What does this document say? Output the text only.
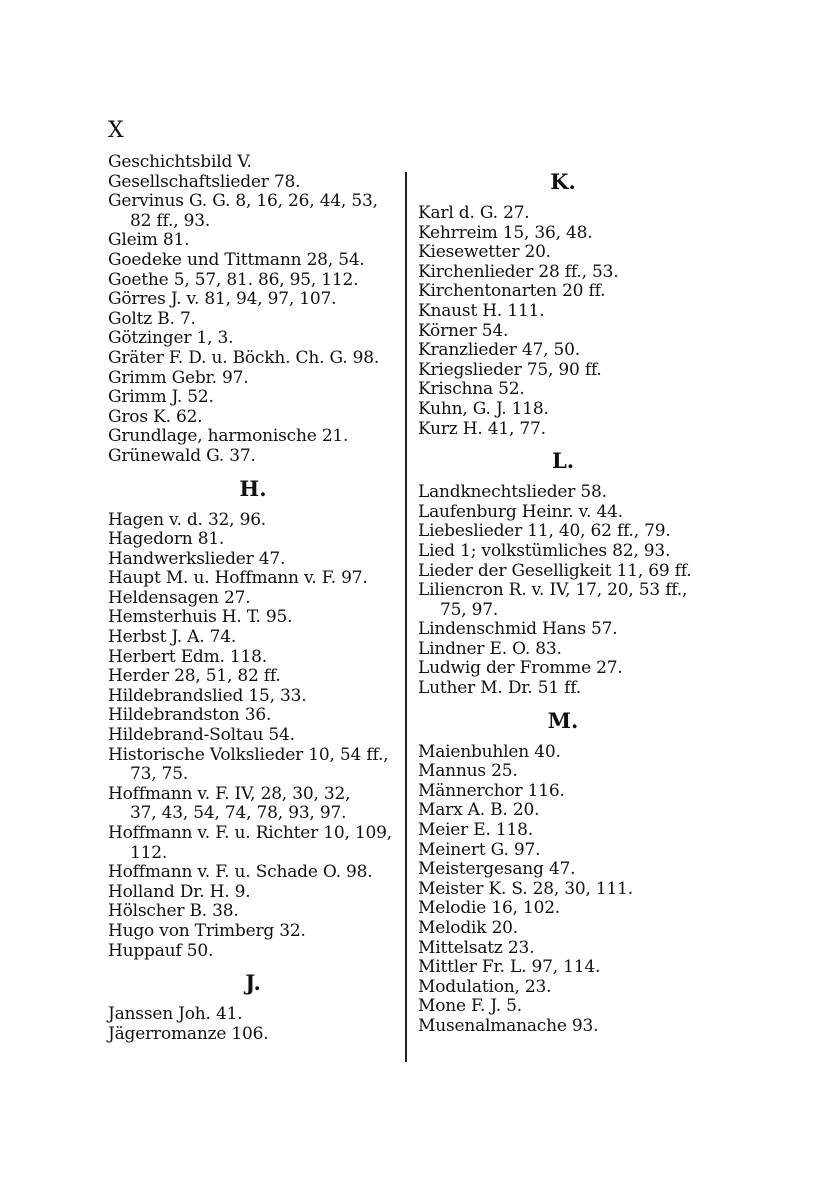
X
Geschichtsbild V.
Gesellschaftslieder 78.
Gervinus G. G. 8, 16, 26, 44, 53,
82 ff., 93.
Gleim 81.
Goedeke und Tittmann 28, 54.
Goethe 5, 57, 81. 86, 95, 112.
Görres J. v. 81, 94, 97, 107.
Goltz B. 7.
Götzinger 1, 3.
Gräter F. D. u. Böckh. Ch. G. 98.
Grimm Gebr. 97.
Grimm J. 52.
Gros K. 62.
Grundlage, harmonische 21.
Grünewald G. 37.
H.
Hagen v. d. 32, 96.
Hagedorn 81.
Handwerkslieder 47.
Haupt M. u. Hoffmann v. F. 97.
Heldensagen 27.
Hemsterhuis H. T. 95.
Herbst J. A. 74.
Herbert Edm. 118.
Herder 28, 51, 82 ff.
Hildebrandslied 15, 33.
Hildebrandston 36.
Hildebrand-Soltau 54.
Historische Volkslieder 10, 54 ff.,
73, 75.
Hoffmann v. F. IV, 28, 30, 32,
37, 43, 54, 74, 78, 93, 97.
Hoffmann v. F. u. Richter 10, 109,
112.
Hoffmann v. F. u. Schade O. 98.
Holland Dr. H. 9.
Hölscher B. 38.
Hugo von Trimberg 32.
Huppauf 50.
J.
Janssen Joh. 41.
Jägerromanze 106.
K.
Karl d. G. 27.
Kehrreim 15, 36, 48.
Kiesewetter 20.
Kirchenlieder 28 ff., 53.
Kirchentonarten 20 ff.
Knaust H. 111.
Körner 54.
Kranzlieder 47, 50.
Kriegslieder 75, 90 ff.
Krischna 52.
Kuhn, G. J. 118.
Kurz H. 41, 77.
L.
Landknechtslieder 58.
Laufenburg Heinr. v. 44.
Liebeslieder 11, 40, 62 ff., 79.
Lied 1; volkstümliches 82, 93.
Lieder der Geselligkeit 11, 69 ff.
Liliencron R. v. IV, 17, 20, 53 ff.,
75, 97.
Lindenschmid Hans 57.
Lindner E. O. 83.
Ludwig der Fromme 27.
Luther M. Dr. 51 ff.
M.
Maienbuhlen 40.
Mannus 25.
Männerchor 116.
Marx A. B. 20.
Meier E. 118.
Meinert G. 97.
Meistergesang 47.
Meister K. S. 28, 30, 111.
Melodie 16, 102.
Melodik 20.
Mittelsatz 23.
Mittler Fr. L. 97, 114.
Modulation, 23.
Mone F. J. 5.
Musenalmanache 93.
